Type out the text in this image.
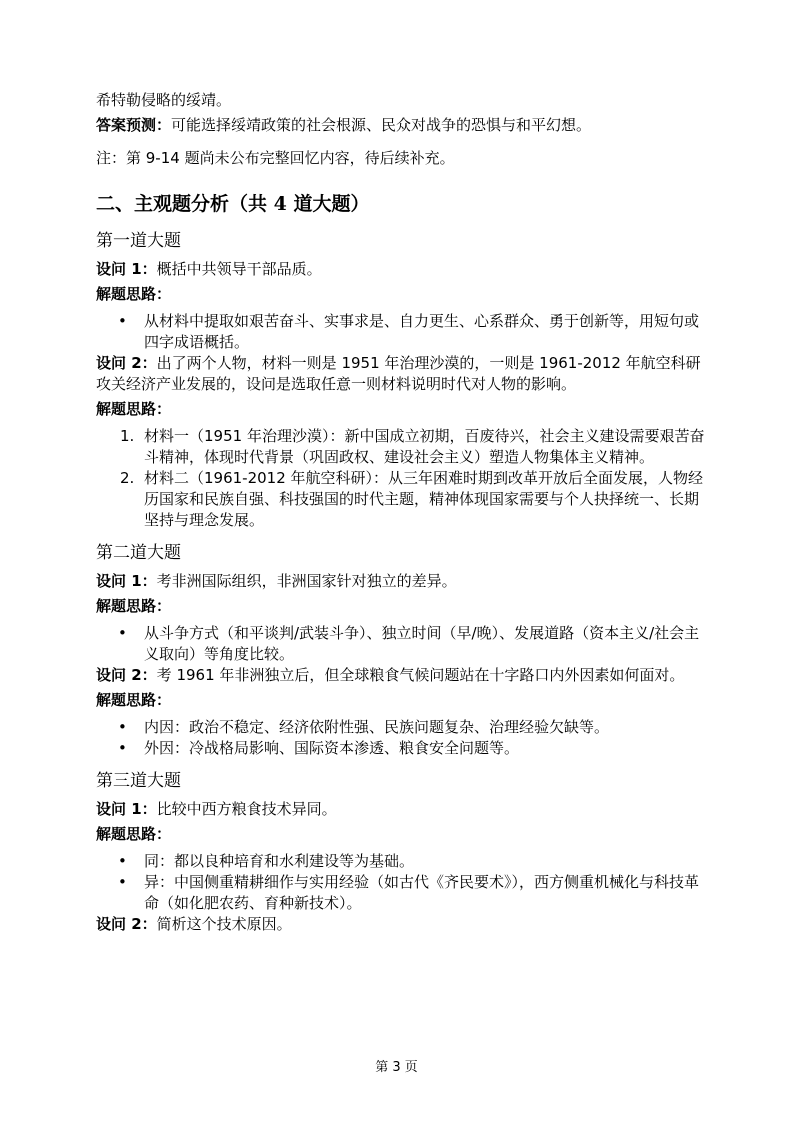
希特勒侵略的绥靖。

答案预测：可能选择绥靖政策的社会根源、民众对战争的恐惧与和平幻想。

注：第 9-14 题尚未公布完整回忆内容，待后续补充。

二、主观题分析（共 4 道大题）
第一道大题

设问 1：概括中共领导干部品质。

解题思路：

• 从材料中提取如艰苦奋斗、实事求是、自力更生、心系群众、勇于创新等，用短句或四字成语概括。

设问 2：出了两个人物，材料一则是 1951 年治理沙漠的，一则是 1961-2012 年航空科研攻关经济产业发展的，设问是选取任意一则材料说明时代对人物的影响。

解题思路：

1. 材料一（1951 年治理沙漠）：新中国成立初期，百废待兴，社会主义建设需要艰苦奋斗精神，体现时代背景（巩固政权、建设社会主义）塑造人物集体主义精神。
2. 材料二（1961-2012 年航空科研）：从三年困难时期到改革开放后全面发展，人物经历国家和民族自强、科技强国的时代主题，精神体现国家需要与个人抉择统一、长期坚持与理念发展。
第二道大题

设问 1：考非洲国际组织，非洲国家针对独立的差异。

解题思路：

• 从斗争方式（和平谈判/武装斗争）、独立时间（早/晚）、发展道路（资本主义/社会主义取向）等角度比较。

设问 2：考 1961 年非洲独立后，但全球粮食气候问题站在十字路口内外因素如何面对。

解题思路：

• 内因：政治不稳定、经济依附性强、民族问题复杂、治理经验欠缺等。
• 外因：冷战格局影响、国际资本渗透、粮食安全问题等。
第三道大题

设问 1：比较中西方粮食技术异同。

解题思路：

• 同：都以良种培育和水利建设等为基础。
• 异：中国侧重精耕细作与实用经验（如古代《齐民要术》），西方侧重机械化与科技革命（如化肥农药、育种新技术）。

设问 2：简析这个技术原因。

第 3 页
